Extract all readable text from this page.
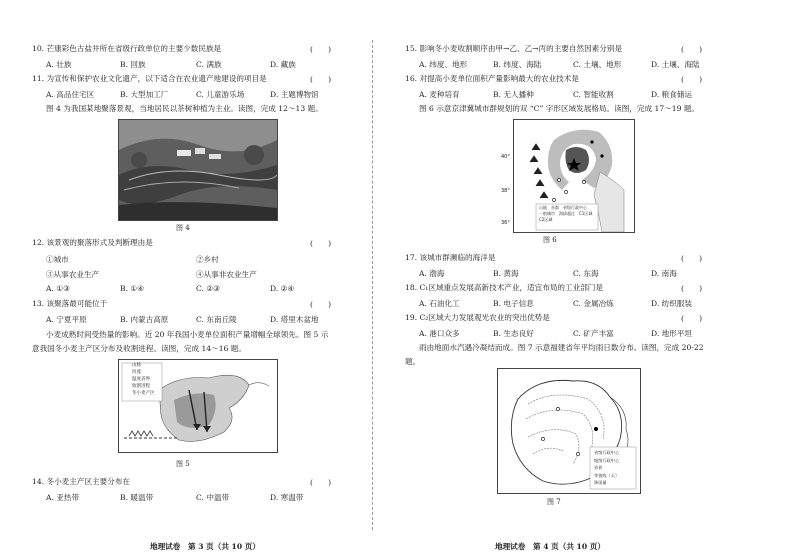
10. 芒康彩色古盐井所在省级行政单位的主要少数民族是	(　　)
A. 壮族	B. 回族	C. 满族	D. 藏族
11. 为宣传和保护农业文化遗产，以下适合在农业遗产地建设的项目是	(　　)
A. 高品住宅区	B. 大型加工厂	C. 儿童游乐场	D. 主题博物馆
图 4 为我国某地聚落景观，当地居民以茶树种植为主业。读图，完成 12～13 题。
图 4
12. 该景观的聚落形式及判断理由是	(　　)
①城市	②乡村
③从事农业生产	④从事非农业生产
A. ①③	B. ①④	C. ②③	D. ②④
13. 该聚落最可能位于	(　　)
A. 宁夏平原	B. 内蒙古高原	C. 东南丘陵	D. 塔里木盆地
小麦成熟时间受热量的影响。近 20 年我国小麦单位面积产量增幅全球领先。图 5 示
意我国冬小麦主产区分布及收割进程。读图，完成 14～16 题。
山脉
河流
温度省界
收割进程
冬小麦产区
图 5
14. 冬小麦主产区主要分布在	(　　)
A. 亚热带	B. 暖温带	C. 中温带	D. 寒温带
地理试卷　第 3 页（共 10 页）
15. 影响冬小麦收割顺序由甲→乙、乙→丙的主要自然因素分别是	(　　)
A. 纬度、地形	B. 纬度、海陆	C. 土壤、地形	D. 土壤、海陆
16. 对提高小麦单位面积产量影响最大的农业技术是	(　　)
A. 麦种培育	B. 无人播种	C. 智能收割	D. 粮食储运
图 6 示意京津冀城市群规划的双 “C” 字形区域发展格局。读图，完成 17～19 题。
40°
38°
36°
山地 首都 省级行政中心
一般城市 海拔超过 C1区域
C2区域
图 6
17. 该城市群濒临的海洋是	(　　)
A. 渤海	B. 黄海	C. 东海	D. 南海
18. C₁区域重点发展高新技术产业，适宜布局的工业部门是	(　　)
A. 石油化工	B. 电子信息	C. 金属冶炼	D. 纺织服装
19. C₂区域大力发展观光农业的突出优势是	(　　)
A. 港口众多	B. 生态良好	C. 矿产丰富	D. 地形平坦
雨由地面水汽遇冷凝结而成。图 7 示意福建省年平均雨日数分布。读图，完成 20-22
题。
省级行政中心
地级行政中心
省界
等值线（天）
降雨量
图 7
地理试卷　第 4 页（共 10 页）
